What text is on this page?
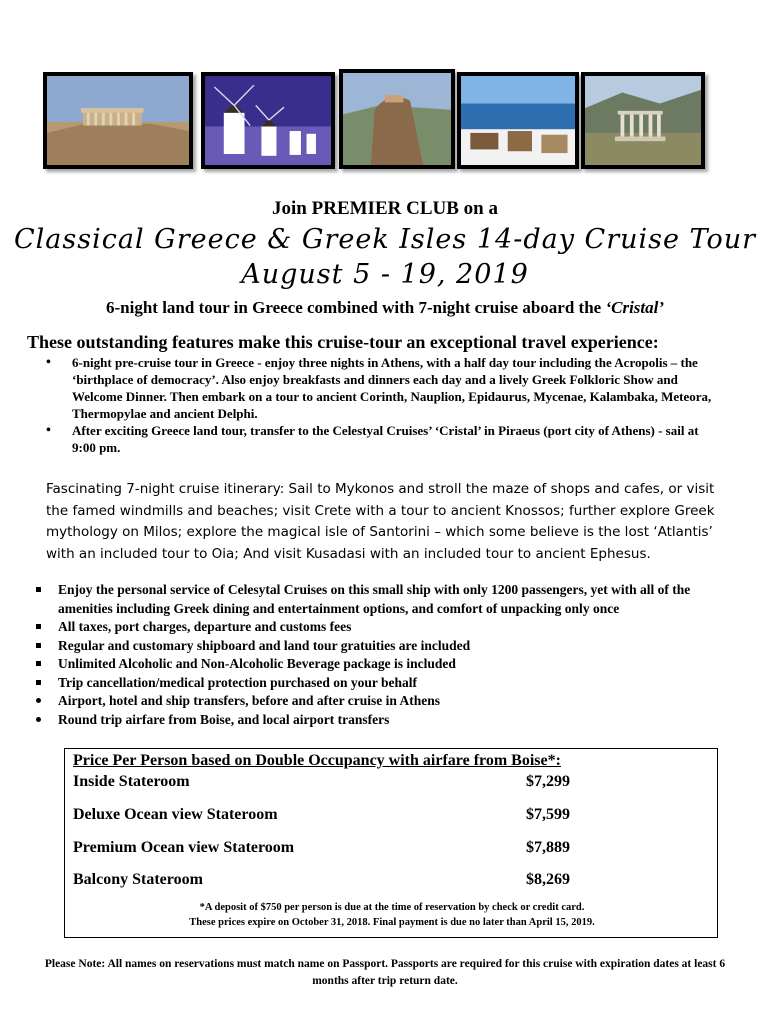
Join PREMIER CLUB on a
Classical Greece & Greek Isles 14-day Cruise Tour
August 5 - 19, 2019
6-night land tour in Greece combined with 7-night cruise aboard the ‘Cristal’
These outstanding features make this cruise-tour an exceptional travel experience:
• 6-night pre-cruise tour in Greece - enjoy three nights in Athens, with a half day tour including the Acropolis – the ‘birthplace of democracy’. Also enjoy breakfasts and dinners each day and a lively Greek Folkloric Show and Welcome Dinner. Then embark on a tour to ancient Corinth, Nauplion, Epidaurus, Mycenae, Kalambaka, Meteora, Thermopylae and ancient Delphi.
• After exciting Greece land tour, transfer to the Celestyal Cruises’ ‘Cristal’ in Piraeus (port city of Athens) - sail at 9:00 pm.
Fascinating 7-night cruise itinerary: Sail to Mykonos and stroll the maze of shops and cafes, or visit the famed windmills and beaches; visit Crete with a tour to ancient Knossos; further explore Greek mythology on Milos; explore the magical isle of Santorini – which some believe is the lost ‘Atlantis’ with an included tour to Oia; And visit Kusadasi with an included tour to ancient Ephesus.
Enjoy the personal service of Celesytal Cruises on this small ship with only 1200 passengers, yet with all of the amenities including Greek dining and entertainment options, and comfort of unpacking only once
All taxes, port charges, departure and customs fees
Regular and customary shipboard and land tour gratuities are included
Unlimited Alcoholic and Non-Alcoholic Beverage package is included
Trip cancellation/medical protection purchased on your behalf
Airport, hotel and ship transfers, before and after cruise in Athens
Round trip airfare from Boise, and local airport transfers
Price Per Person based on Double Occupancy with airfare from Boise*:
Inside Stateroom	$7,299
Deluxe Ocean view Stateroom	$7,599
Premium Ocean view Stateroom	$7,889
Balcony Stateroom	$8,269
*A deposit of $750 per person is due at the time of reservation by check or credit card.
These prices expire on October 31, 2018. Final payment is due no later than April 15, 2019.
Please Note: All names on reservations must match name on Passport. Passports are required for this cruise with expiration dates at least 6 months after trip return date.
